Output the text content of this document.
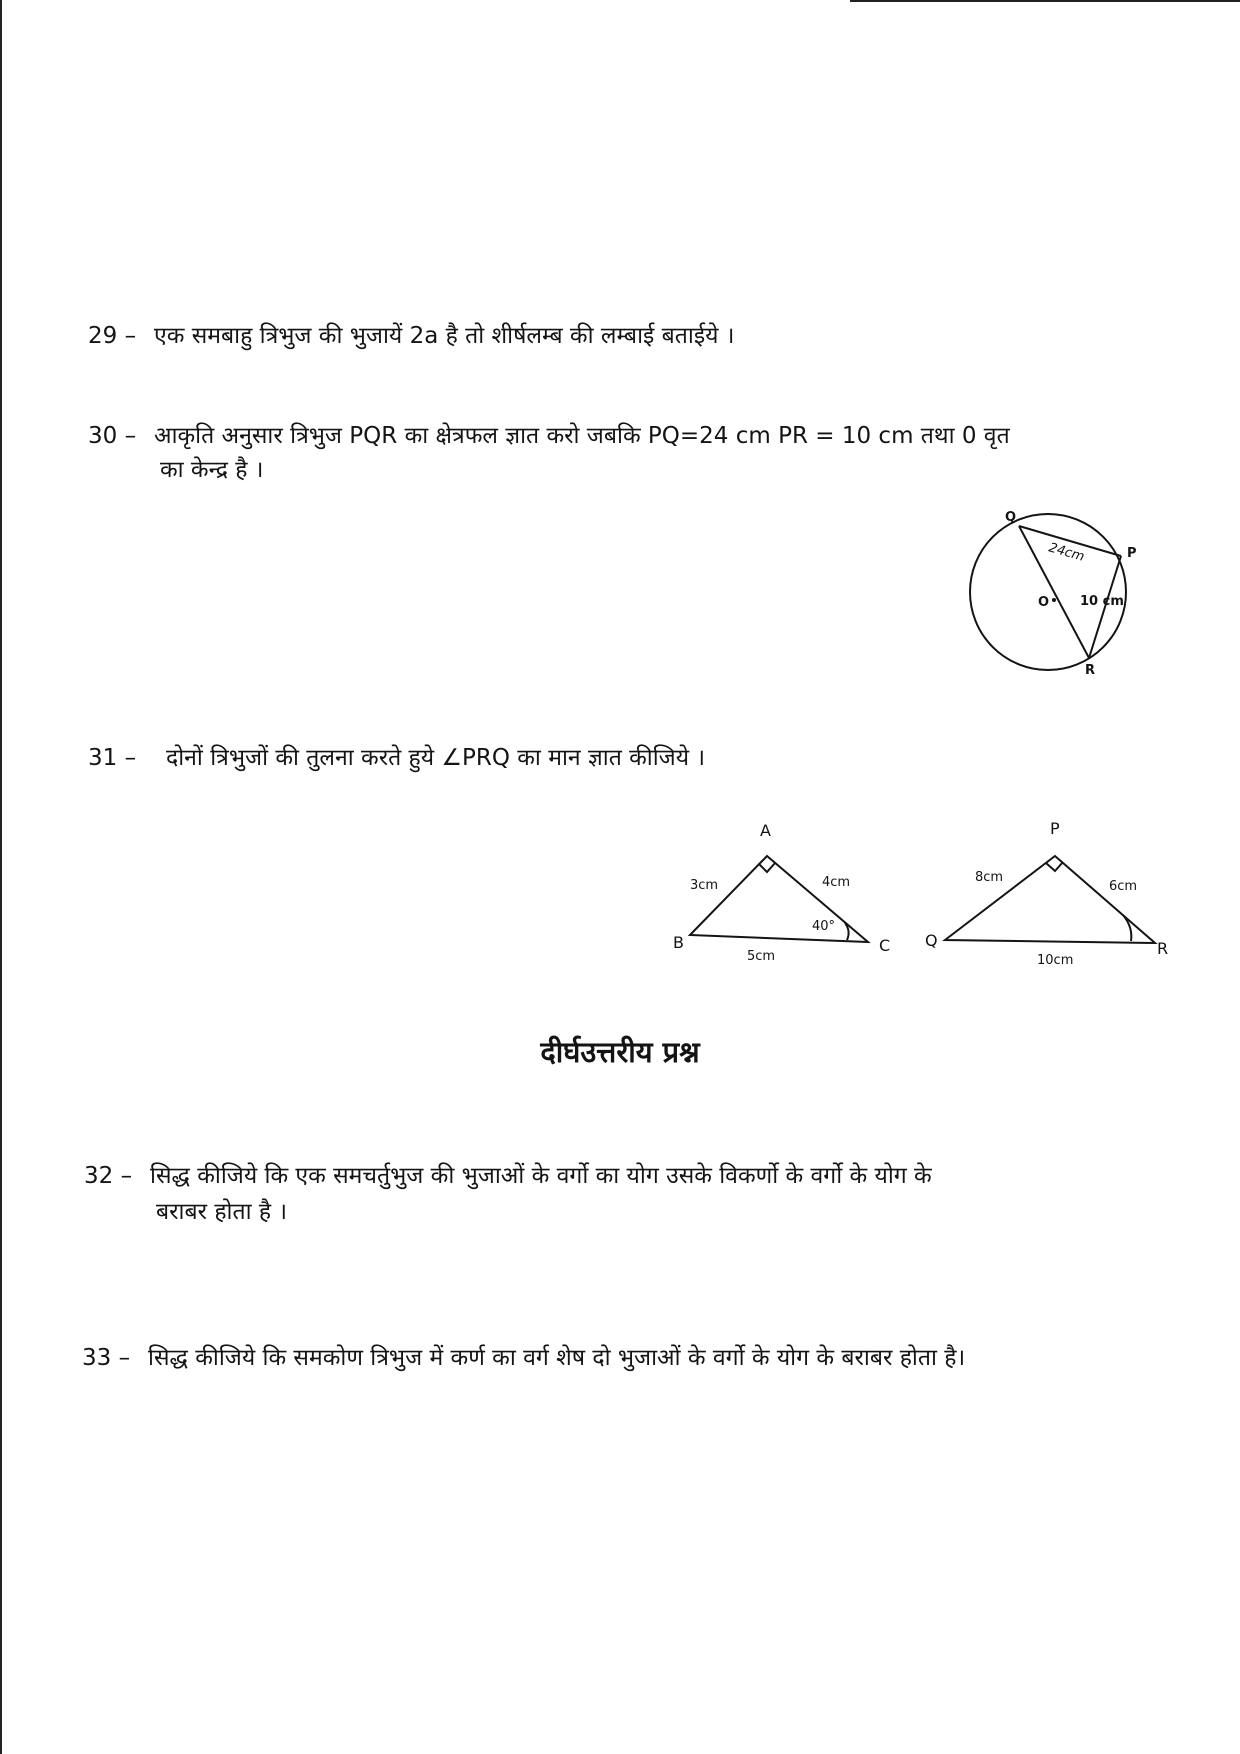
29 – एक समबाहु त्रिभुज की भुजायें 2a है तो शीर्षलम्ब की लम्बाई बताईये ।
30 – आकृति अनुसार त्रिभुज PQR का क्षेत्रफल ज्ञात करो जबकि PQ=24 cm PR = 10 cm तथा 0 वृत
का केन्द्र है ।
Q
P
R
O
24cm
10 cm
31 – दोनों त्रिभुजों की तुलना करते हुये ∠PRQ का मान ज्ञात कीजिये ।
A
B	C
3cm	4cm
5cm
40°
P
Q	R
8cm
6cm
10cm
दीर्घउत्तरीय प्रश्न
32 – सिद्ध कीजिये कि एक समचर्तुभुज की भुजाओं के वर्गो का योग उसके विकर्णो के वर्गो के योग के
बराबर होता है ।
33 – सिद्ध कीजिये कि समकोण त्रिभुज में कर्ण का वर्ग शेष दो भुजाओं के वर्गो के योग के बराबर होता है।
